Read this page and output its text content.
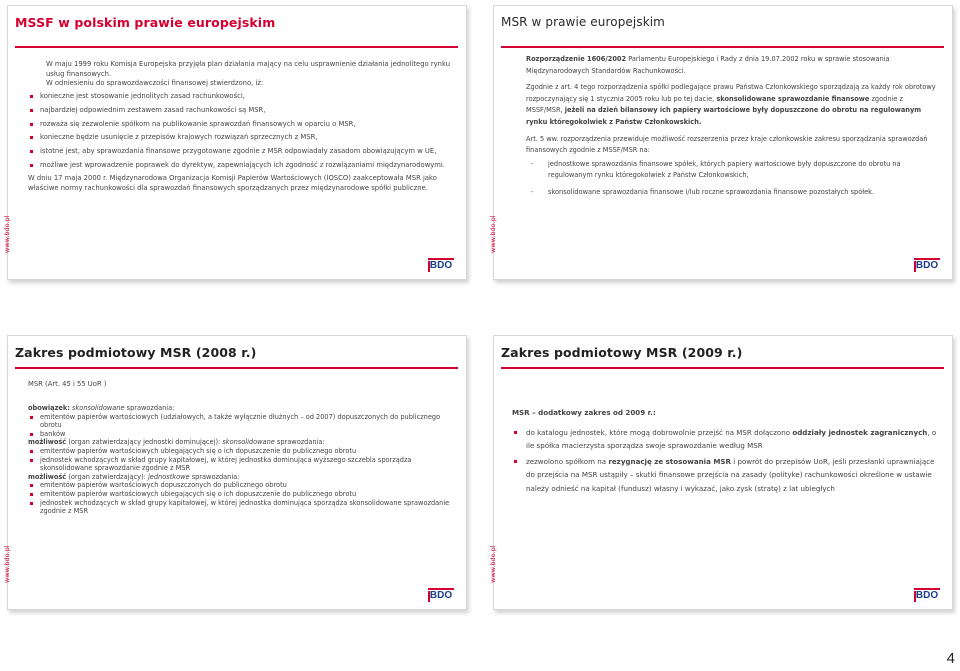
MSSF w polskim prawie europejskim

W maju 1999 roku Komisja Europejska przyjęła plan działania mający na celu usprawnienie działania jednolitego rynku usług finansowych.

W odniesieniu do sprawozdawczości finansowej stwierdzono, iż:

konieczne jest stosowanie jednolitych zasad rachunkowości,
najbardziej odpowiednim zestawem zasad rachunkowości są MSR,
rozważa się zezwolenie spółkom na publikowanie sprawozdań finansowych w oparciu o MSR,
konieczne będzie usunięcie z przepisów krajowych rozwiązań sprzecznych z MSR,
istotne jest, aby sprawozdania finansowe przygotowane zgodnie z MSR odpowiadały zasadom obowiązującym w UE,
możliwe jest wprowadzenie poprawek do dyrektyw, zapewniających ich zgodność z rozwiązaniami międzynarodowymi.

W dniu 17 maja 2000 r. Międzynarodowa Organizacja Komisji Papierów Wartościowych (IOSCO) zaakceptowała MSR jako właściwe normy rachunkowości dla sprawozdań finansowych sporządzanych przez międzynarodowe spółki publiczne.

www.bdo.pl
BDO
MSR w prawie europejskim

Rozporządzenie 1606/2002 Parlamentu Europejskiego i Rady z dnia 19.07.2002 roku w sprawie stosowania Międzynarodowych Standardów Rachunkowości.

Zgodnie z art. 4 tego rozporządzenia spółki podlegające prawu Państwa Członkowskiego sporządzają za każdy rok obrotowy rozpoczynający się 1 stycznia 2005 roku lub po tej dacie, skonsolidowane sprawozdanie finansowe zgodnie z MSSF/MSR, jeżeli na dzień bilansowy ich papiery wartościowe były dopuszczone do obrotu na regulowanym rynku któregokolwiek z Państw Członkowskich.

Art. 5 ww. rozporządzenia przewiduje możliwość rozszerzenia przez kraje członkowskie zakresu sporządzania sprawozdań finansowych zgodnie z MSSF/MSR na:

- jednostkowe sprawozdania finansowe spółek, których papiery wartościowe były dopuszczone do obrotu na regulowanym rynku któregokolwiek z Państw Członkowskich,
- skonsolidowane sprawozdania finansowe i/lub roczne sprawozdania finansowe pozostałych spółek.
www.bdo.pl
BDO
Zakres podmiotowy MSR (2008 r.)
MSR (Art. 45 i 55 UoR )

obowiązek: skonsolidowane sprawozdania:

emitentów papierów wartościowych (udziałowych, a także wyłącznie dłużnych – od 2007) dopuszczonych do publicznego obrotu
banków

możliwość (organ zatwierdzający jednostki dominującej): skonsolidowane sprawozdania:

emitentów papierów wartościowych ubiegających się o ich dopuszczenie do publicznego obrotu
jednostek wchodzących w skład grupy kapitałowej, w której jednostka dominująca wyższego szczebla sporządza skonsolidowane sprawozdanie zgodnie z MSR

możliwość (organ zatwierdzający): jednostkowe sprawozdania:

emitentów papierów wartościowych dopuszczonych do publicznego obrotu
emitentów papierów wartościowych ubiegających się o ich dopuszczenie do publicznego obrotu
jednostek wchodzących w skład grupy kapitałowej, w której jednostka dominująca sporządza skonsolidowane sprawozdanie zgodnie z MSR
www.bdo.pl
BDO
Zakres podmiotowy MSR (2009 r.)

MSR – dodatkowy zakres od 2009 r.:

do katalogu jednostek, które mogą dobrowolnie przejść na MSR dołączono oddziały jednostek zagranicznych, o ile spółka macierzysta sporządza swoje sprawozdanie według MSR
zezwolono spółkom na rezygnację ze stosowania MSR i powrót do przepisów UoR, jeśli przesłanki uprawniające do przejścia na MSR ustąpiły – skutki finansowe przejścia na zasady (polityke) rachunkowości określone w ustawie należy odnieść na kapitał (fundusz) własny i wykazać, jako zysk (stratę) z lat ubiegłych
www.bdo.pl
BDO
4
